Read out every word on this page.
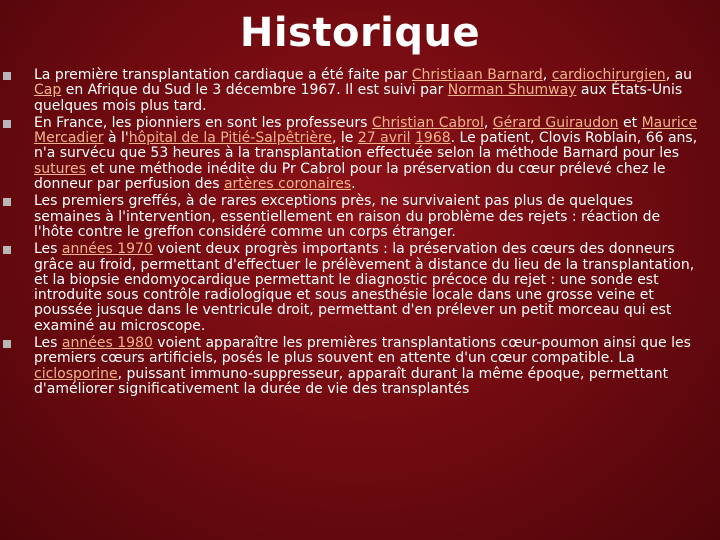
Historique
La première transplantation cardiaque a été faite par Christiaan Barnard, cardiochirurgien, au Cap en Afrique du Sud le 3 décembre 1967. Il est suivi par Norman Shumway aux États-Unis quelques mois plus tard.
En France, les pionniers en sont les professeurs Christian Cabrol, Gérard Guiraudon et Maurice Mercadier à l'hôpital de la Pitié-Salpêtrière, le 27 avril 1968. Le patient, Clovis Roblain, 66 ans, n'a survécu que 53 heures à la transplantation effectuée selon la méthode Barnard pour les sutures et une méthode inédite du Pr Cabrol pour la préservation du cœur prélevé chez le donneur par perfusion des artères coronaires.
Les premiers greffés, à de rares exceptions près, ne survivaient pas plus de quelques semaines à l'intervention, essentiellement en raison du problème des rejets : réaction de l'hôte contre le greffon considéré comme un corps étranger.
Les années 1970 voient deux progrès importants : la préservation des cœurs des donneurs grâce au froid, permettant d'effectuer le prélèvement à distance du lieu de la transplantation, et la biopsie endomyocardique permettant le diagnostic précoce du rejet : une sonde est introduite sous contrôle radiologique et sous anesthésie locale dans une grosse veine et poussée jusque dans le ventricule droit, permettant d'en prélever un petit morceau qui est examiné au microscope.
Les années 1980 voient apparaître les premières transplantations cœur-poumon ainsi que les premiers cœurs artificiels, posés le plus souvent en attente d'un cœur compatible. La ciclosporine, puissant immuno-suppresseur, apparaît durant la même époque, permettant d'améliorer significativement la durée de vie des transplantés
